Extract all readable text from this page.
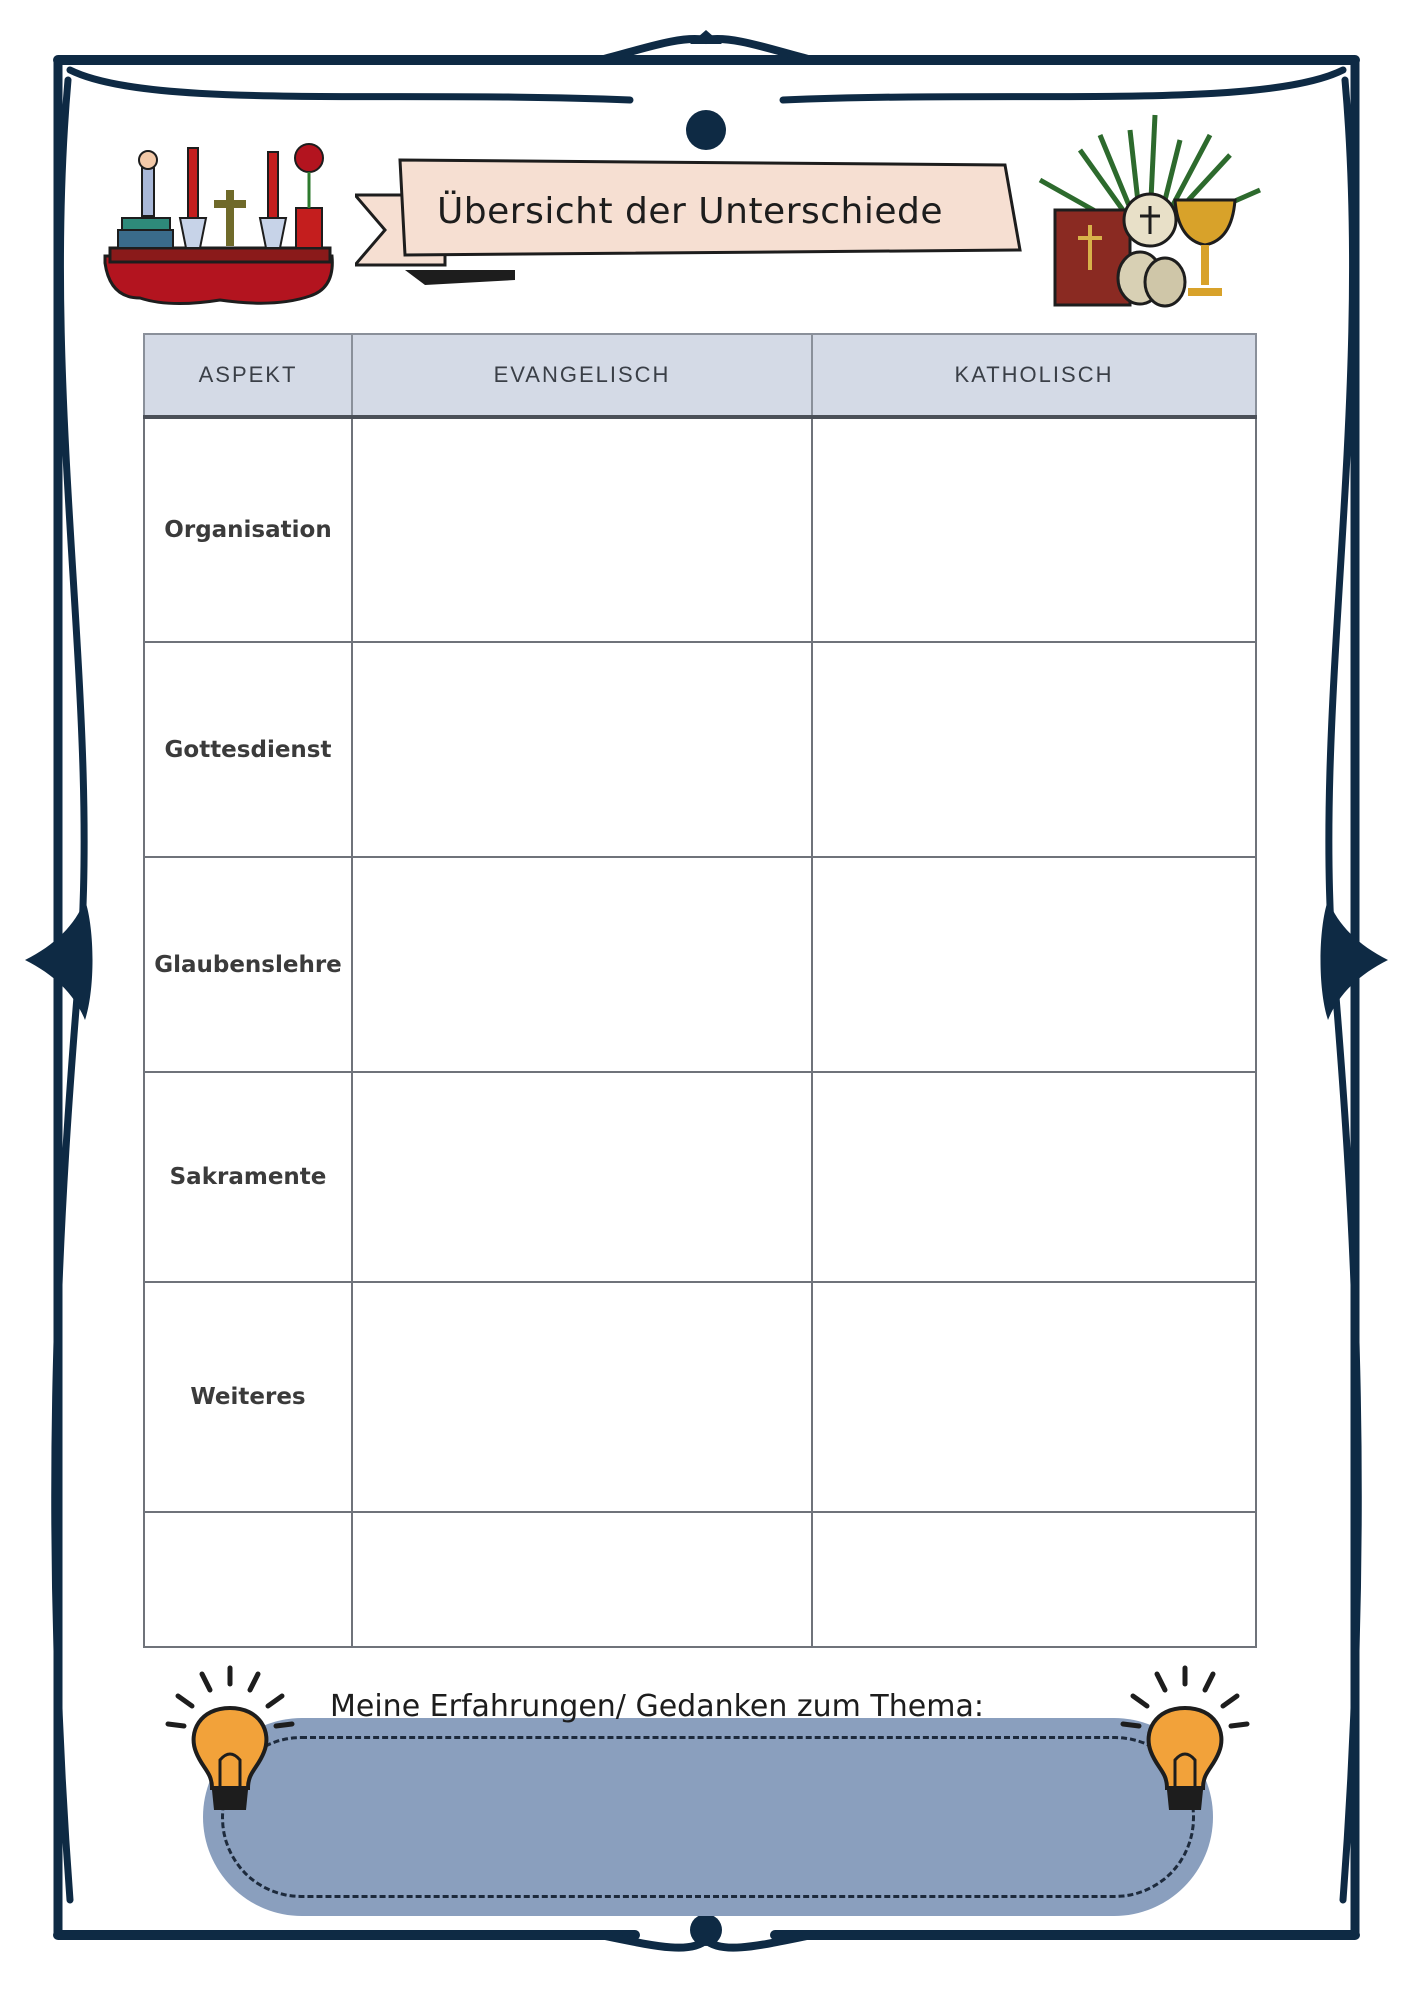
Übersicht der Unterschiede
ASPEKT	EVANGELISCH	KATHOLISCH
Organisation		
Gottesdienst		
Glaubenslehre		
Sakramente		
Weiteres		

Meine Erfahrungen/ Gedanken zum Thema:
